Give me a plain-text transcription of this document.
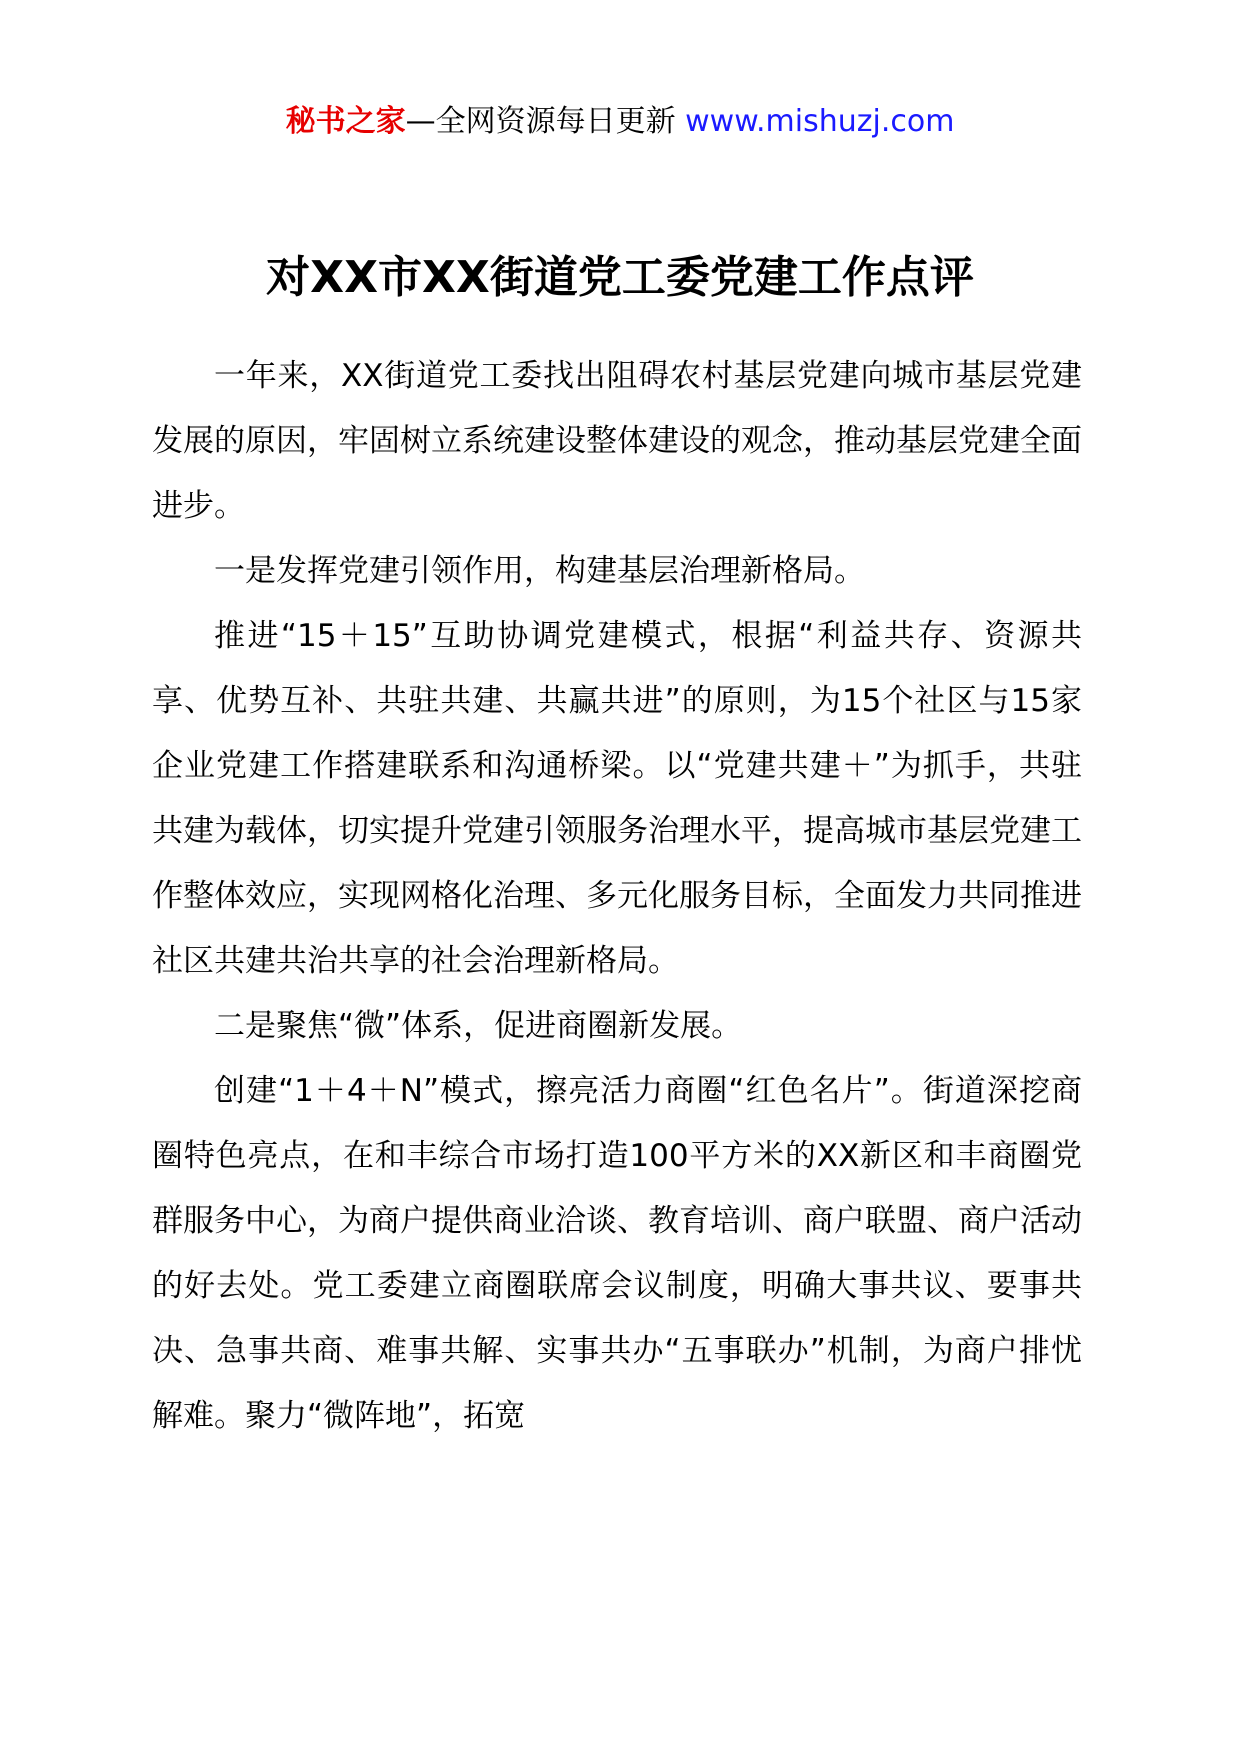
秘书之家—全网资源每日更新 www.mishuzj.com
对XX市XX街道党工委党建工作点评

一年来，XX街道党工委找出阻碍农村基层党建向城市基层党建发展的原因，牢固树立系统建设整体建设的观念，推动基层党建全面进步。

一是发挥党建引领作用，构建基层治理新格局。

推进“15＋15”互助协调党建模式，根据“利益共存、资源共享、优势互补、共驻共建、共赢共进”的原则，为15个社区与15家企业党建工作搭建联系和沟通桥梁。以“党建共建＋”为抓手，共驻共建为载体，切实提升党建引领服务治理水平，提高城市基层党建工作整体效应，实现网格化治理、多元化服务目标，全面发力共同推进社区共建共治共享的社会治理新格局。

二是聚焦“微”体系，促进商圈新发展。

创建“1＋4＋N”模式，擦亮活力商圈“红色名片”。街道深挖商圈特色亮点，在和丰综合市场打造100平方米的XX新区和丰商圈党群服务中心，为商户提供商业洽谈、教育培训、商户联盟、商户活动的好去处。党工委建立商圈联席会议制度，明确大事共议、要事共决、急事共商、难事共解、实事共办“五事联办”机制，为商户排忧解难。聚力“微阵地”，拓宽
